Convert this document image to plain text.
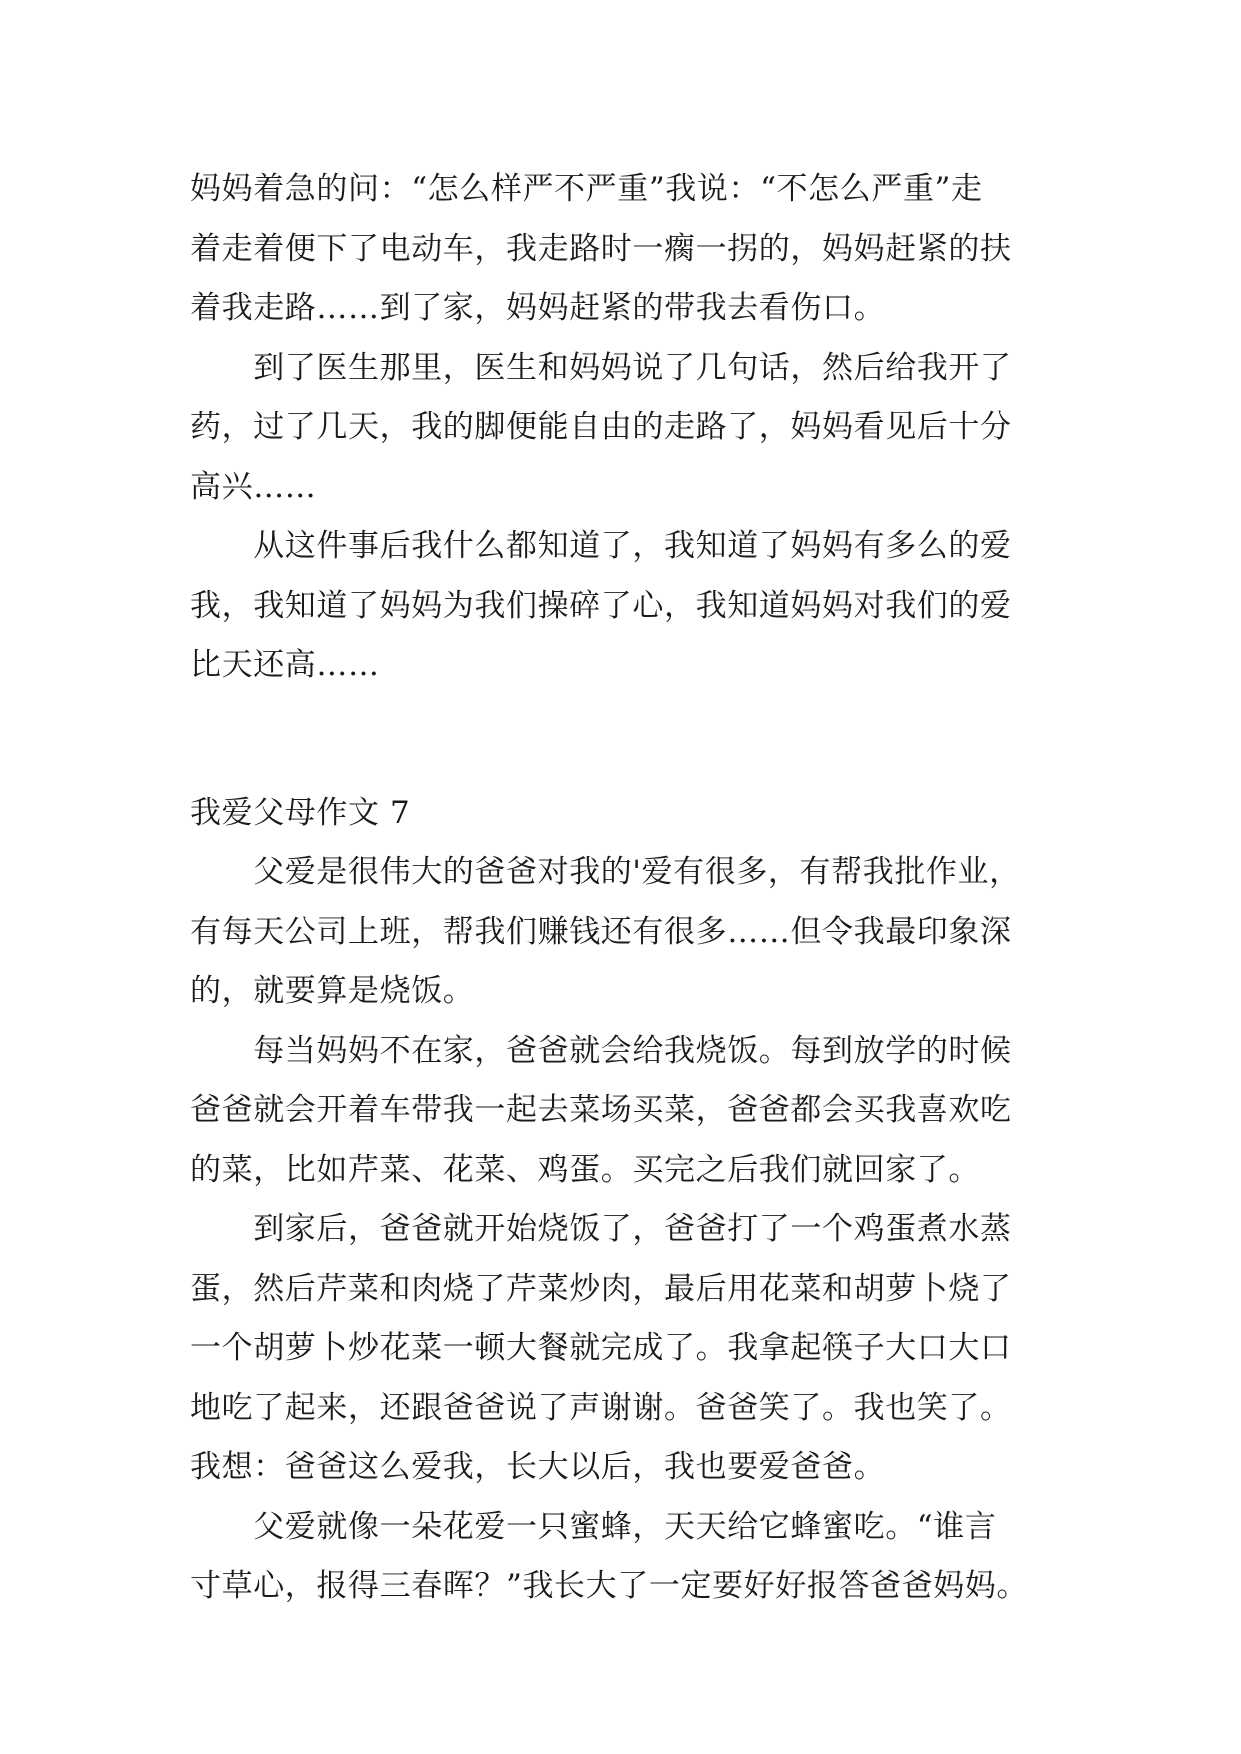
妈妈着急的问：“怎么样严不严重”我说：“不怎么严重”走
着走着便下了电动车，我走路时一瘸一拐的，妈妈赶紧的扶
着我走路……到了家，妈妈赶紧的带我去看伤口。
　　到了医生那里，医生和妈妈说了几句话，然后给我开了
药，过了几天，我的脚便能自由的走路了，妈妈看见后十分
高兴……
　　从这件事后我什么都知道了，我知道了妈妈有多么的爱
我，我知道了妈妈为我们操碎了心，我知道妈妈对我们的爱
比天还高……
我爱父母作文 7
　　父爱是很伟大的爸爸对我的'爱有很多，有帮我批作业，
有每天公司上班，帮我们赚钱还有很多……但令我最印象深
的，就要算是烧饭。
　　每当妈妈不在家，爸爸就会给我烧饭。每到放学的时候
爸爸就会开着车带我一起去菜场买菜，爸爸都会买我喜欢吃
的菜，比如芹菜、花菜、鸡蛋。买完之后我们就回家了。
　　到家后，爸爸就开始烧饭了，爸爸打了一个鸡蛋煮水蒸
蛋，然后芹菜和肉烧了芹菜炒肉，最后用花菜和胡萝卜烧了
一个胡萝卜炒花菜一顿大餐就完成了。我拿起筷子大口大口
地吃了起来，还跟爸爸说了声谢谢。爸爸笑了。我也笑了。
我想：爸爸这么爱我，长大以后，我也要爱爸爸。
　　父爱就像一朵花爱一只蜜蜂，天天给它蜂蜜吃。“谁言
寸草心，报得三春晖？”我长大了一定要好好报答爸爸妈妈。
